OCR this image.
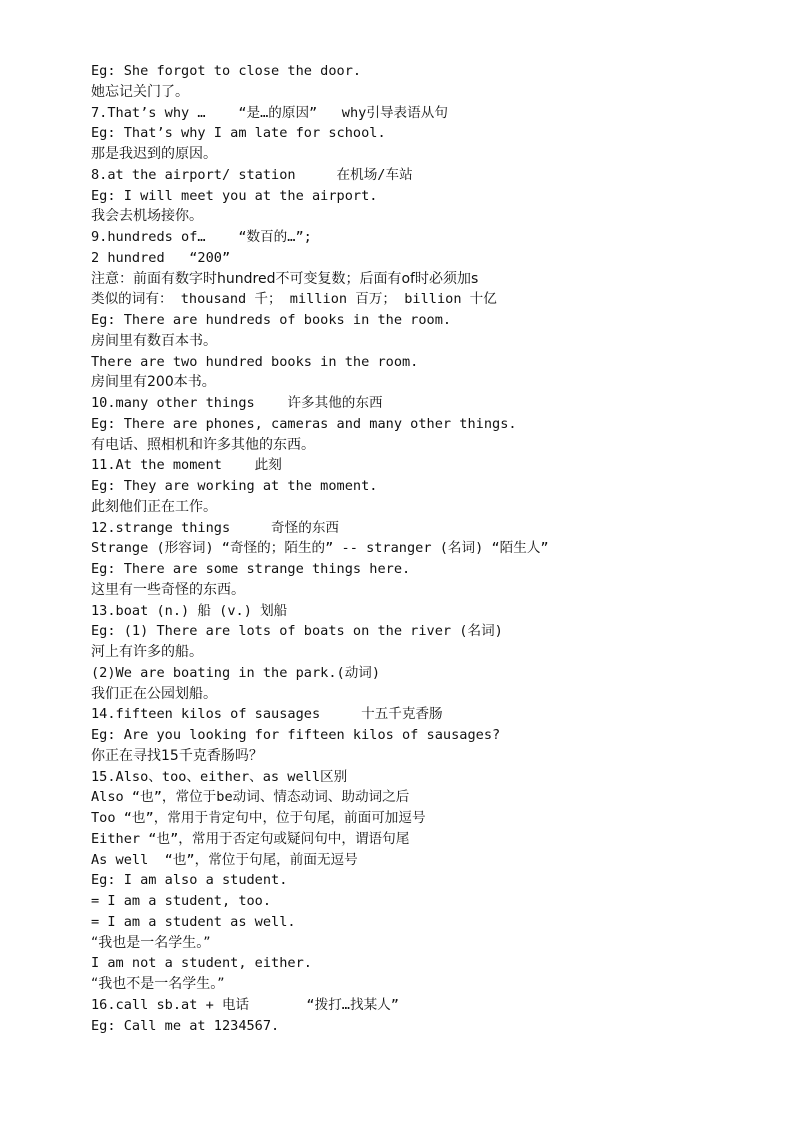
Eg: She forgot to close the door.
她忘记关门了。
7.That’s why …    “是…的原因”   why引导表语从句
Eg: That’s why I am late for school.
那是我迟到的原因。
8.at the airport/ station     在机场/车站
Eg: I will meet you at the airport.
我会去机场接你。
9.hundreds of…    “数百的…”;
2 hundred   “200”
注意：前面有数字时hundred不可变复数；后面有of时必须加s
类似的词有： thousand 千； million 百万； billion 十亿
Eg: There are hundreds of books in the room.
房间里有数百本书。
There are two hundred books in the room.
房间里有200本书。
10.many other things    许多其他的东西
Eg: There are phones, cameras and many other things.
有电话、照相机和许多其他的东西。
11.At the moment    此刻
Eg: They are working at the moment.
此刻他们正在工作。
12.strange things     奇怪的东西
Strange (形容词) “奇怪的；陌生的” -- stranger (名词) “陌生人”
Eg: There are some strange things here.
这里有一些奇怪的东西。
13.boat (n.) 船 (v.) 划船
Eg: (1) There are lots of boats on the river (名词)
河上有许多的船。
(2)We are boating in the park.(动词)
我们正在公园划船。
14.fifteen kilos of sausages     十五千克香肠
Eg: Are you looking for fifteen kilos of sausages?
你正在寻找15千克香肠吗？
15.Also、too、either、as well区别
Also “也”，常位于be动词、情态动词、助动词之后
Too “也”，常用于肯定句中，位于句尾，前面可加逗号
Either “也”，常用于否定句或疑问句中，谓语句尾
As well  “也”，常位于句尾，前面无逗号
Eg: I am also a student.
= I am a student, too.
= I am a student as well.
“我也是一名学生。”
I am not a student, either.
“我也不是一名学生。”
16.call sb.at + 电话       “拨打…找某人”
Eg: Call me at 1234567.
